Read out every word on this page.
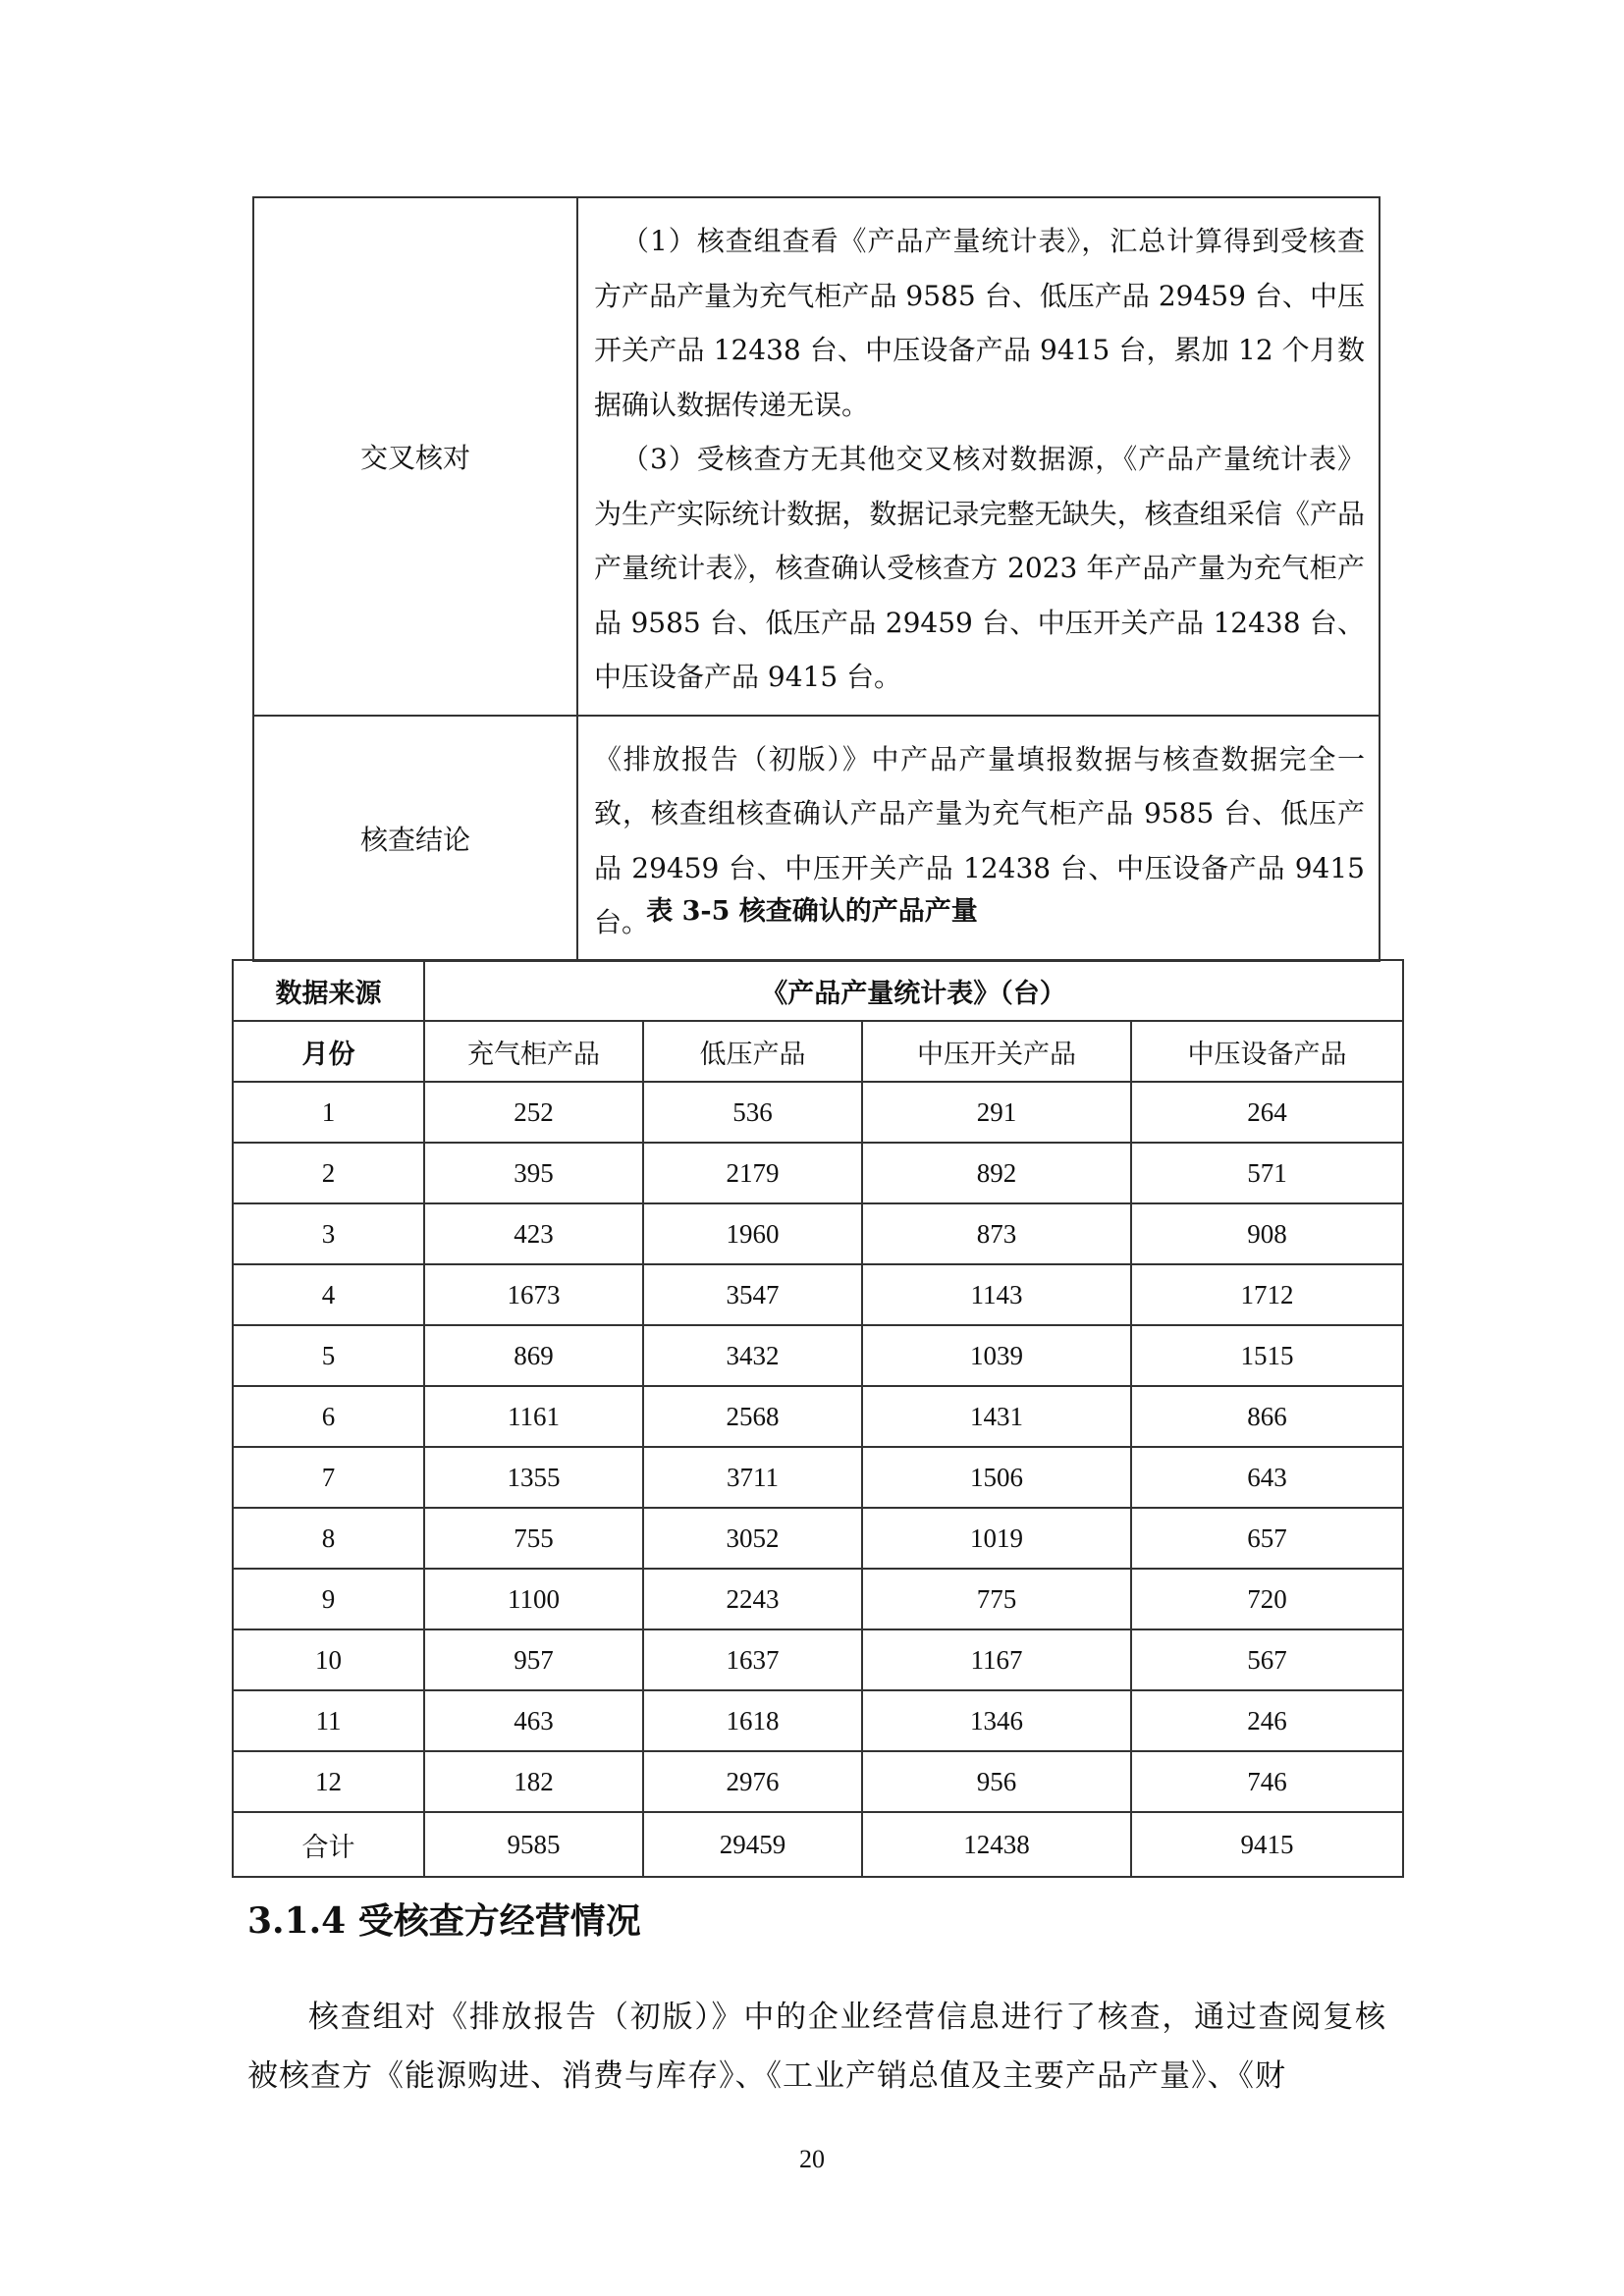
交叉核对	（1）核查组查看《产品产量统计表》，汇总计算得到受核查方产品产量为充气柜产品 9585 台、低压产品 29459 台、中压开关产品 12438 台、中压设备产品 9415 台，累加 12 个月数据确认数据传递无误。

（3）受核查方无其他交叉核对数据源，《产品产量统计表》为生产实际统计数据，数据记录完整无缺失，核查组采信《产品产量统计表》，核查确认受核查方 2023 年产品产量为充气柜产品 9585 台、低压产品 29459 台、中压开关产品 12438 台、中压设备产品 9415 台。

核查结论	《排放报告（初版）》中产品产量填报数据与核查数据完全一致，核查组核查确认产品产量为充气柜产品 9585 台、低压产品 29459 台、中压开关产品 12438 台、中压设备产品 9415 台。

表 3-5 核查确认的产品产量
数据来源	《产品产量统计表》（台）			
月份	充气柜产品	低压产品	中压开关产品	中压设备产品
1	252	536	291	264
2	395	2179	892	571
3	423	1960	873	908
4	1673	3547	1143	1712
5	869	3432	1039	1515
6	1161	2568	1431	866
7	1355	3711	1506	643
8	755	3052	1019	657
9	1100	2243	775	720
10	957	1637	1167	567
11	463	1618	1346	246
12	182	2976	956	746
合计	9585	29459	12438	9415
3.1.4 受核查方经营情况

核查组对《排放报告（初版）》中的企业经营信息进行了核查，通过查阅复核被核查方《能源购进、消费与库存》、《工业产销总值及主要产品产量》、《财

20
